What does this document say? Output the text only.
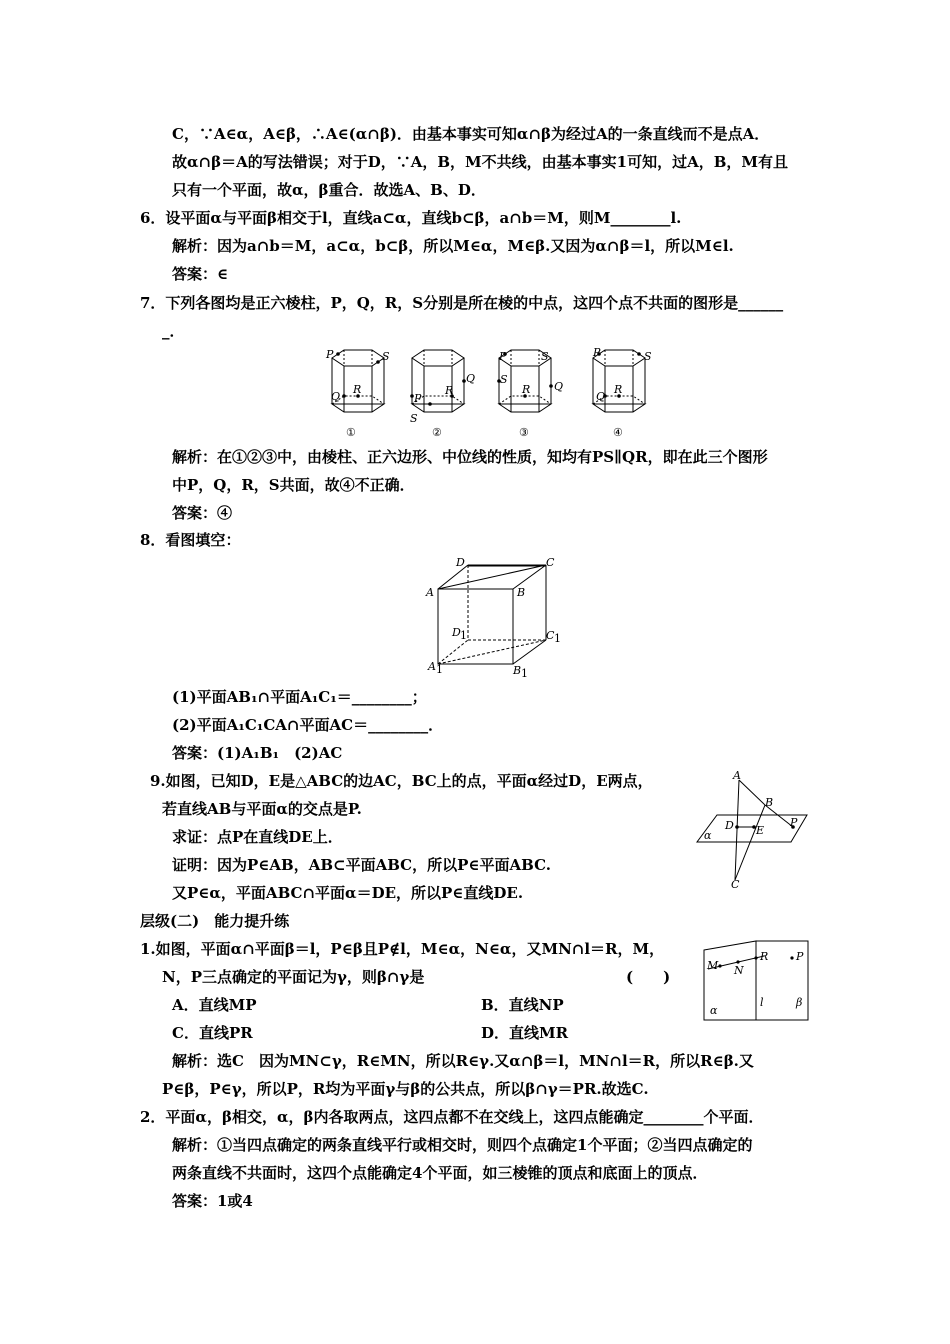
C，∵A∈α，A∈β，∴A∈(α∩β)．由基本事实可知α∩β为经过A的一条直线而不是点A．
故α∩β＝A的写法错误；对于D，∵A，B，M不共线，由基本事实1可知，过A，B，M有且
只有一个平面，故α，β重合．故选A、B、D．
6．设平面α与平面β相交于l，直线a⊂α，直线b⊂β，a∩b＝M，则M________l.
解析：因为a∩b＝M，a⊂α，b⊂β，所以M∈α，M∈β.又因为α∩β＝l，所以M∈l.
答案：∈
7．下列各图均是正六棱柱，P，Q，R，S分别是所在棱的中点，这四个点不共面的图形是______
_．
P	S
Q
R
Q
P
R
S
P	S
S
Q
R
P	S
Q
R
①	②	③	④
解析：在①②③中，由棱柱、正六边形、中位线的性质，知均有PS∥QR，即在此三个图形
中P，Q，R，S共面，故④不正确．
答案：④
8．看图填空：
D	C
A	B
D 1	C 1
A 1	B 1
(1)平面AB₁∩平面A₁C₁＝________；
(2)平面A₁C₁CA∩平面AC＝________．
答案：(1)A₁B₁　(2)AC
9.如图，已知D，E是△ABC的边AC，BC上的点，平面α经过D，E两点，
若直线AB与平面α的交点是P.
求证：点P在直线DE上．
证明：因为P∈AB，AB⊂平面ABC，所以P∈平面ABC.
又P∈α，平面ABC∩平面α＝DE，所以P∈直线DE.
A
B
D E
P
C
α
层级(二)　能力提升练
1.如图，平面α∩平面β＝l，P∈β且P∉l，M∈α，N∈α，又MN∩l＝R，M，
N，P三点确定的平面记为γ，则β∩γ是	(　　)
A．直线MP	B．直线NP
C．直线PR	D．直线MR
M N
R	P
α
l	β
解析：选C　因为MN⊂γ，R∈MN，所以R∈γ.又α∩β＝l，MN∩l＝R，所以R∈β.又
P∈β，P∈γ，所以P，R均为平面γ与β的公共点，所以β∩γ＝PR.故选C.
2．平面α，β相交，α，β内各取两点，这四点都不在交线上，这四点能确定________个平面．
解析：①当四点确定的两条直线平行或相交时，则四个点确定1个平面；②当四点确定的
两条直线不共面时，这四个点能确定4个平面，如三棱锥的顶点和底面上的顶点．
答案：1或4
